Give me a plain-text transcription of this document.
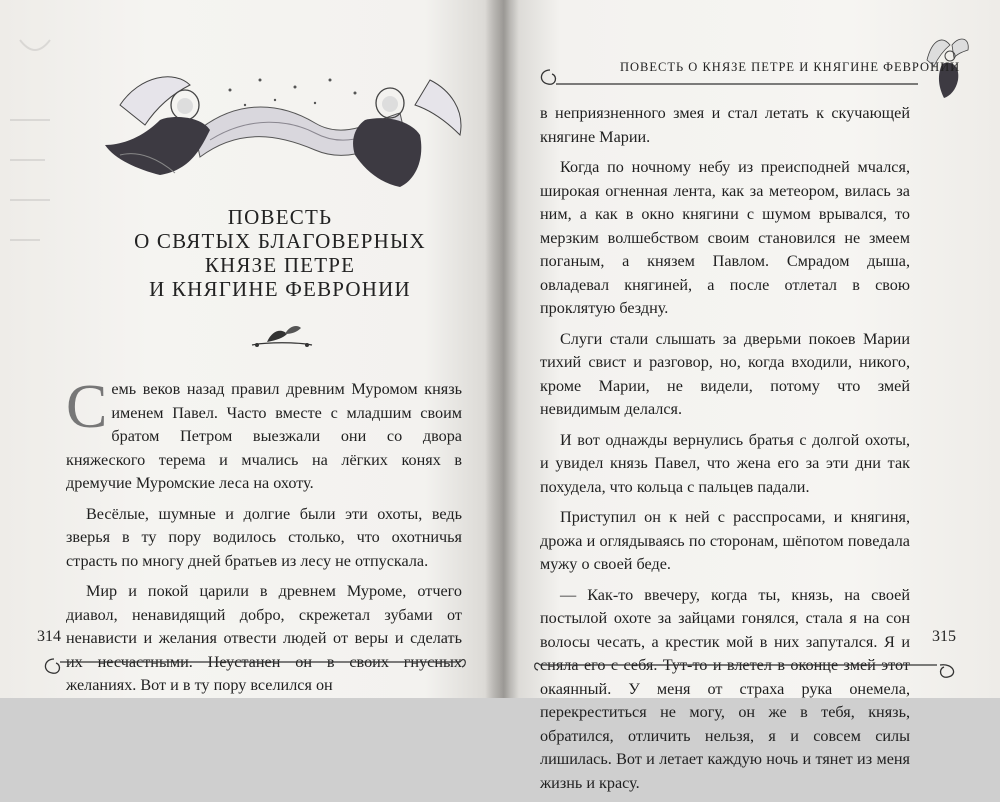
ПОВЕСТЬ
О СВЯТЫХ БЛАГОВЕРНЫХ
КНЯЗЕ ПЕТРЕ
И КНЯГИНЕ ФЕВРОНИИ

Семь веков назад правил древним Муромом князь именем Павел. Часто вместе с младшим своим братом Петром выезжали они со двора княжеского терема и мчались на лёгких конях в дремучие Муромские леса на охоту.

Весёлые, шумные и долгие были эти охоты, ведь зверья в ту пору водилось столько, что охотничья страсть по многу дней братьев из лесу не отпускала.

Мир и покой царили в древнем Муроме, отчего диавол, ненавидящий добро, скрежетал зубами от ненависти и желания отвести людей от веры и сделать их несчастными. Неустанен он в своих гнусных желаниях. Вот и в ту пору вселился он

314
ПОВЕСТЬ О КНЯЗЕ ПЕТРЕ И КНЯГИНЕ ФЕВРОНИИ

в неприязненного змея и стал летать к скучающей княгине Марии.

Когда по ночному небу из преисподней мчался, широкая огненная лента, как за метеором, вилась за ним, а как в окно княгини с шумом врывался, то мерзким волшебством своим становился не змеем поганым, а князем Павлом. Смрадом дыша, овладевал княгиней, а после отлетал в свою проклятую бездну.

Слуги стали слышать за дверьми покоев Марии тихий свист и разговор, но, когда входили, никого, кроме Марии, не видели, потому что змей невидимым делался.

И вот однажды вернулись братья с долгой охоты, и увидел князь Павел, что жена его за эти дни так похудела, что кольца с пальцев падали.

Приступил он к ней с расспросами, и княгиня, дрожа и оглядываясь по сторонам, шёпотом поведала мужу о своей беде.

— Как-то ввечеру, когда ты, князь, на своей постылой охоте за зайцами гонялся, стала я на сон волосы чесать, а крестик мой в них запутался. Я и сняла его с себя. Тут-то и влетел в оконце змей этот окаянный. У меня от страха рука онемела, перекреститься не могу, он же в тебя, князь, обратился, отличить нельзя, я и совсем силы лишилась. Вот и летает каждую ночь и тянет из меня жизнь и красу.

315
